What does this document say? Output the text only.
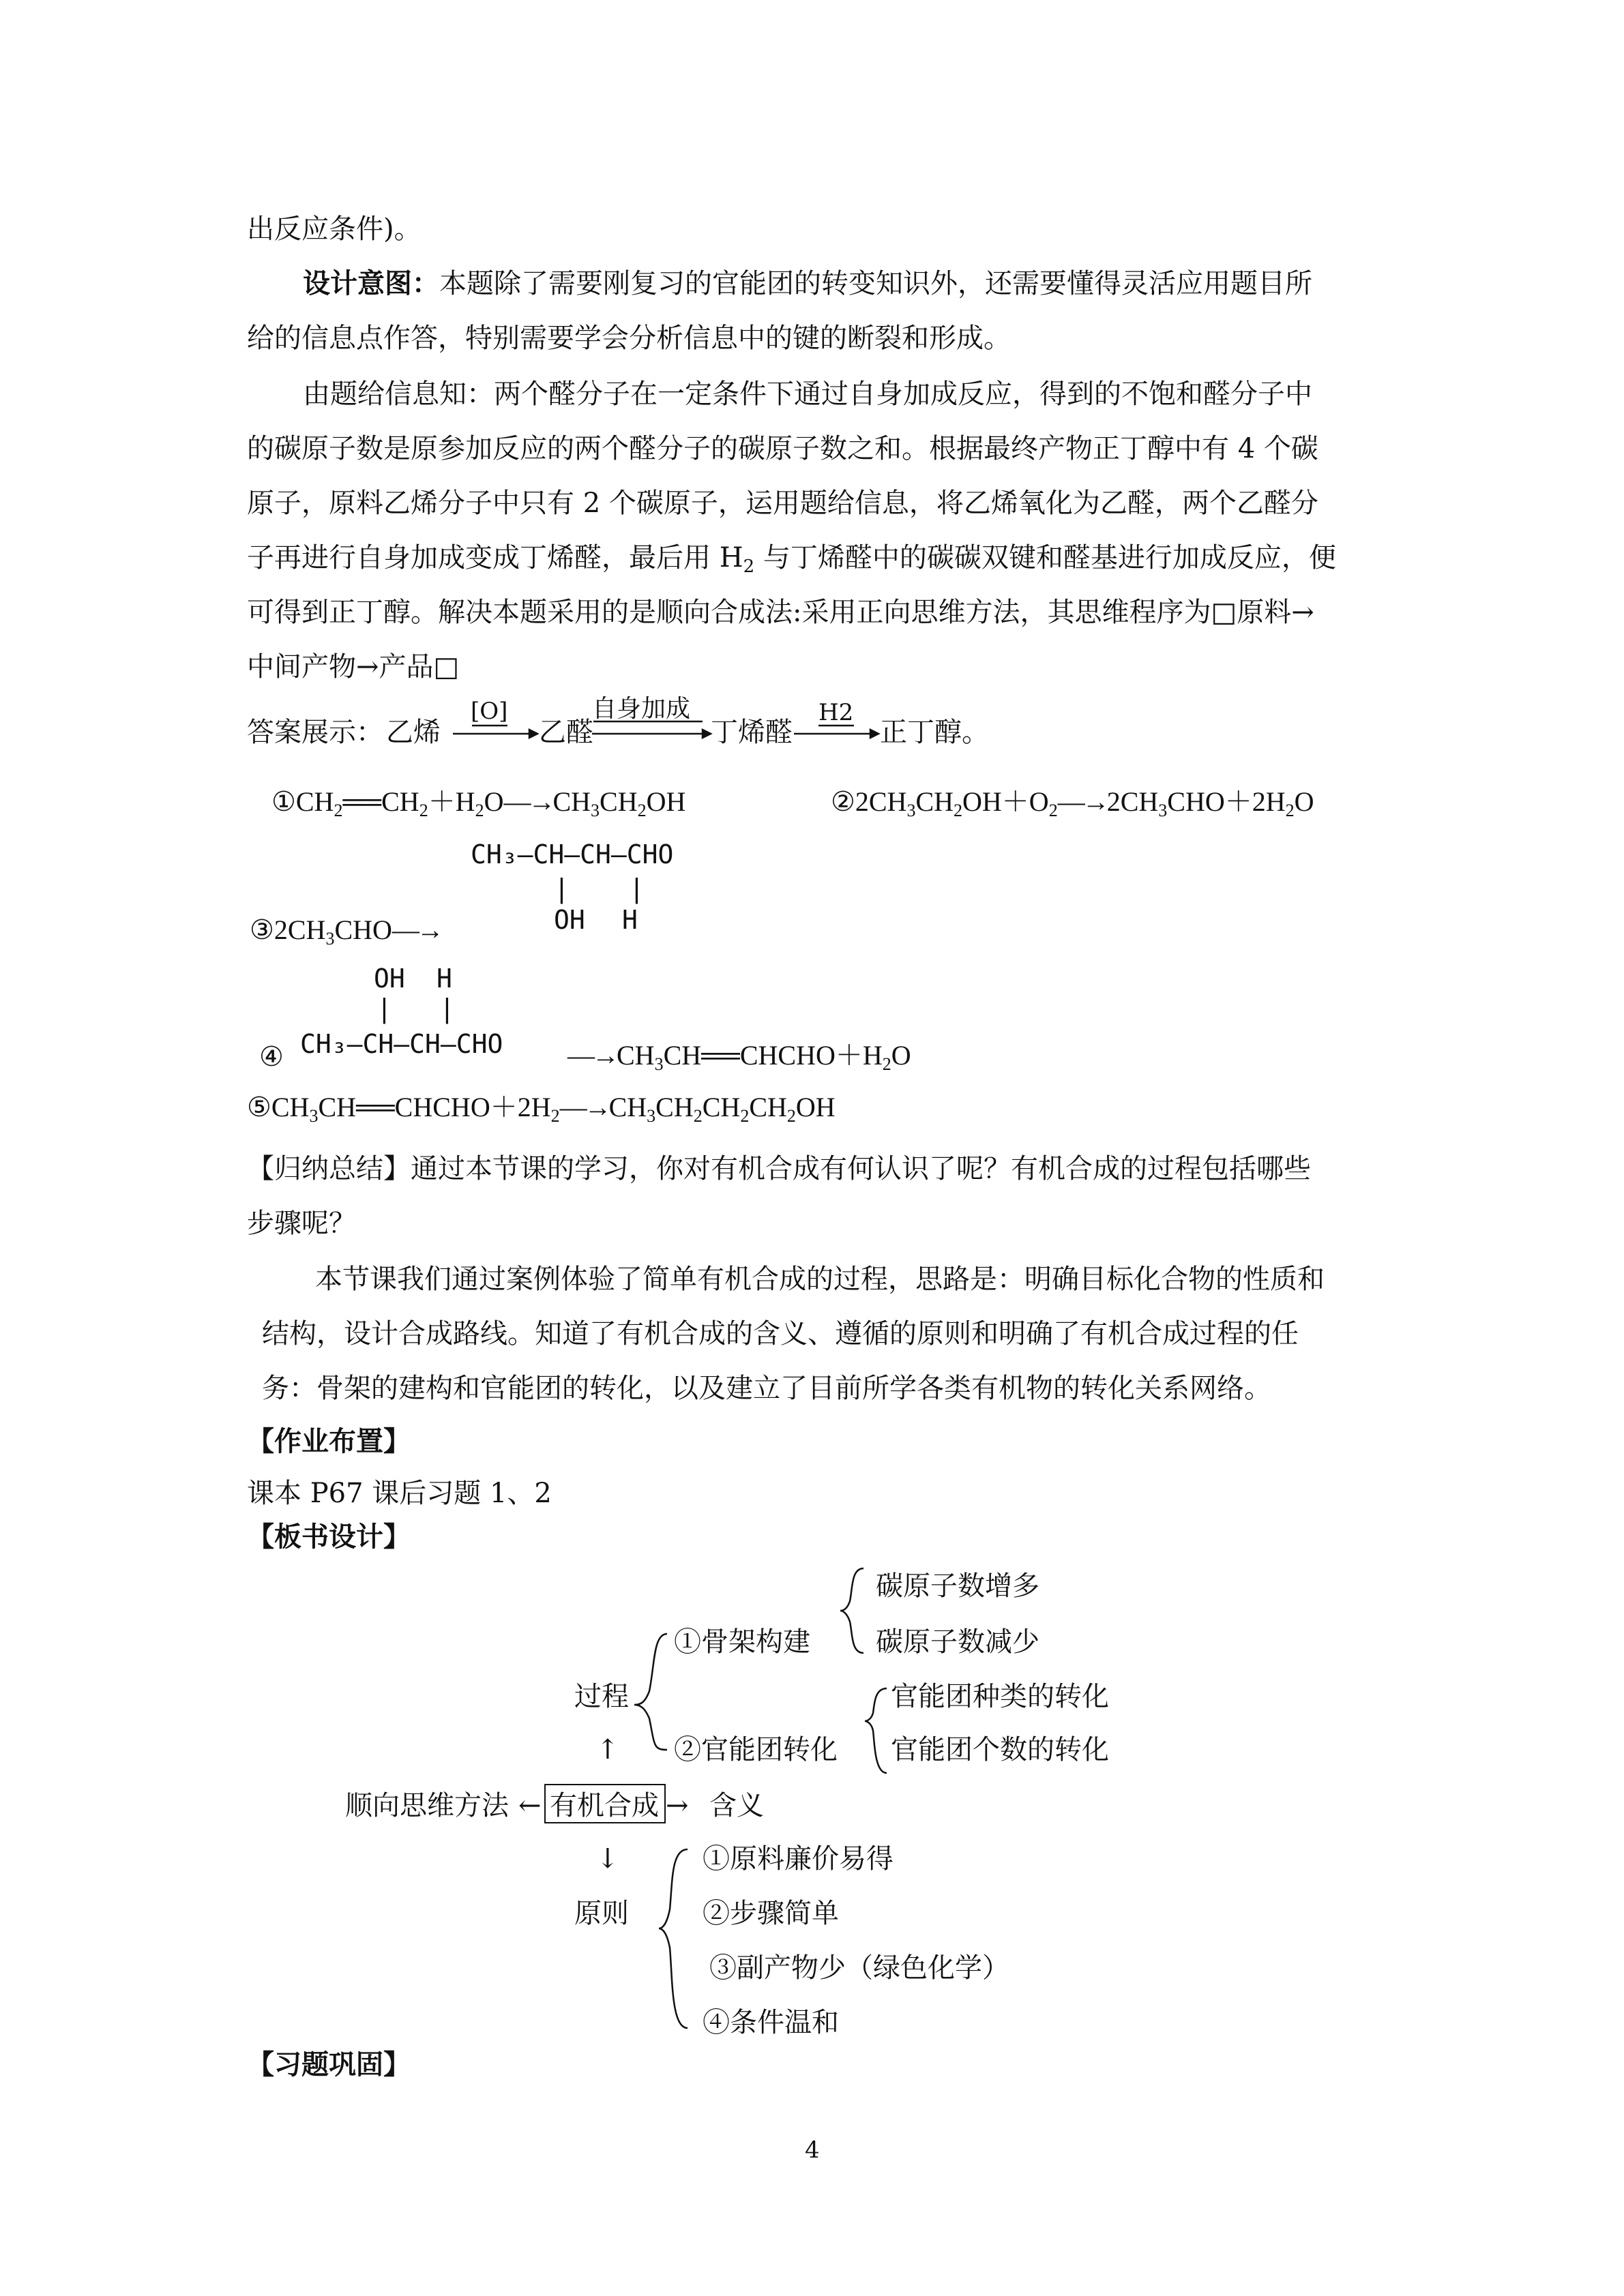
出反应条件)。
设计意图：本题除了需要刚复习的官能团的转变知识外，还需要懂得灵活应用题目所
给的信息点作答，特别需要学会分析信息中的键的断裂和形成。
由题给信息知：两个醛分子在一定条件下通过自身加成反应，得到的不饱和醛分子中
的碳原子数是原参加反应的两个醛分子的碳原子数之和。根据最终产物正丁醇中有 4 个碳
原子，原料乙烯分子中只有 2 个碳原子，运用题给信息，将乙烯氧化为乙醛，两个乙醛分
子再进行自身加成变成丁烯醛，最后用 $H_2$ 与丁烯醛中的碳碳双键和醛基进行加成反应，便
可得到正丁醇。解决本题采用的是顺向合成法:采用正向思维方法，其思维程序为□原料→
中间产物→产品□
答案展示： 乙烯
[O]
乙醛
自身加成
丁烯醛
H2
正丁醇。
$①CH_2══CH_2+H_2O—\to CH_3CH_2OH$	$②2CH_3CH_2OH+O_2—\to 2CH_3CHO+2H_2O$
CH₃—CH—CH—CHO
| |
OH H
$③2CH_3CHO—\to$
OH H
| |
④ CH₃—CH—CH—CHO $—\to CH_3CH══CHCHO+H_2O$
$⑤CH_3CH══CHCHO+2H_2—\to CH_3CH_2CH_2CH_2OH$
【归纳总结】通过本节课的学习，你对有机合成有何认识了呢？有机合成的过程包括哪些
步骤呢？
本节课我们通过案例体验了简单有机合成的过程，思路是：明确目标化合物的性质和
结构，设计合成路线。知道了有机合成的含义、遵循的原则和明确了有机合成过程的任
务：骨架的建构和官能团的转化，以及建立了目前所学各类有机物的转化关系网络。
【作业布置】
课本 P67 课后习题 1、2
【板书设计】
碳原子数增多
碳原子数减少
①骨架构建
过程	官能团种类的转化
↑ ②官能团转化 官能团个数的转化
顺向思维方法 ← 有机合成 → 含义
↓	①原料廉价易得
原则	②步骤简单
③副产物少（绿色化学）
④条件温和
【习题巩固】
4
